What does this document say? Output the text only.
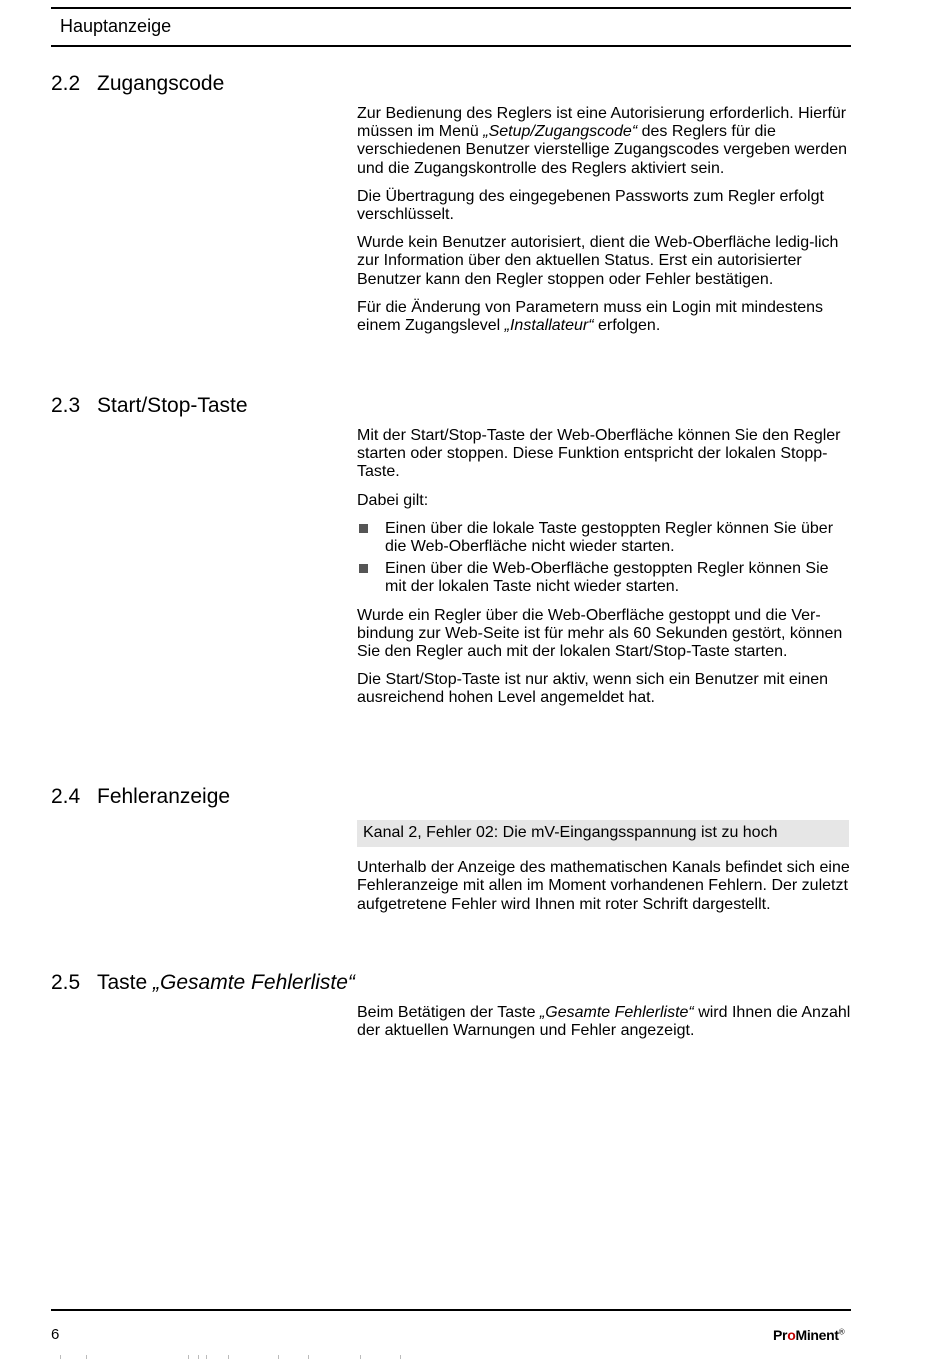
Hauptanzeige
2.2 Zugangscode

Zur Bedienung des Reglers ist eine Autorisierung erforderlich. Hierfür müssen im Menü „Setup/Zugangscode“ des Reglers für die verschiedenen Benutzer vierstellige Zugangscodes vergeben werden und die Zugangskontrolle des Reglers aktiviert sein.

Die Übertragung des eingegebenen Passworts zum Regler erfolgt verschlüsselt.

Wurde kein Benutzer autorisiert, dient die Web-Oberfläche ledig-lich zur Information über den aktuellen Status. Erst ein autorisierter Benutzer kann den Regler stoppen oder Fehler bestätigen.

Für die Änderung von Parametern muss ein Login mit mindestens einem Zugangslevel „Installateur“ erfolgen.

2.3 Start/Stop-Taste

Mit der Start/Stop-Taste der Web-Oberfläche können Sie den Regler starten oder stoppen. Diese Funktion entspricht der lokalen Stopp-Taste.

Dabei gilt:

Einen über die lokale Taste gestoppten Regler können Sie über die Web-Oberfläche nicht wieder starten.
Einen über die Web-Oberfläche gestoppten Regler können Sie mit der lokalen Taste nicht wieder starten.

Wurde ein Regler über die Web-Oberfläche gestoppt und die Ver-bindung zur Web-Seite ist für mehr als 60 Sekunden gestört, können Sie den Regler auch mit der lokalen Start/Stop-Taste starten.

Die Start/Stop-Taste ist nur aktiv, wenn sich ein Benutzer mit einen ausreichend hohen Level angemeldet hat.

2.4 Fehleranzeige
Kanal 2, Fehler 02: Die mV-Eingangsspannung ist zu hoch

Unterhalb der Anzeige des mathematischen Kanals befindet sich eine Fehleranzeige mit allen im Moment vorhandenen Fehlern. Der zuletzt aufgetretene Fehler wird Ihnen mit roter Schrift dargestellt.

2.5 Taste „Gesamte Fehlerliste“

Beim Betätigen der Taste „Gesamte Fehlerliste“ wird Ihnen die Anzahl der aktuellen Warnungen und Fehler angezeigt.

6	ProMinent®
